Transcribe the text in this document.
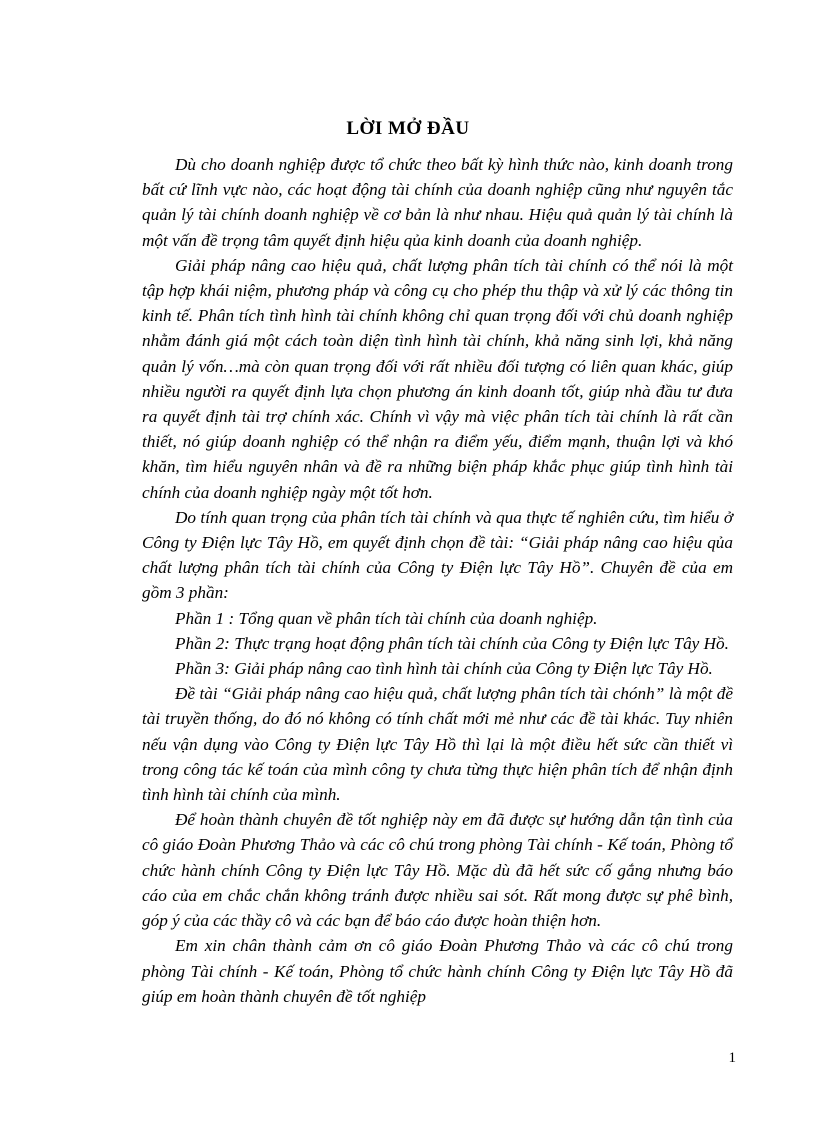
LỜI MỞ ĐẦU

Dù cho doanh nghiệp được tổ chức theo bất kỳ hình thức nào, kinh doanh trong bất cứ lĩnh vực nào, các hoạt động tài chính của doanh nghiệp cũng như nguyên tắc quản lý tài chính doanh nghiệp về cơ bản là như nhau. Hiệu quả quản lý tài chính là một vấn đề trọng tâm quyết định hiệu qủa kinh doanh của doanh nghiệp.

Giải pháp nâng cao hiệu quả, chất lượng phân tích tài chính có thể nói là một tập hợp khái niệm, phương pháp và công cụ cho phép thu thập và xử lý các thông tin kinh tế. Phân tích tình hình tài chính không chỉ quan trọng đối với chủ doanh nghiệp nhằm đánh giá một cách toàn diện tình hình tài chính, khả năng sinh lợi, khả năng quản lý vốn…mà còn quan trọng đối với rất nhiều đối tượng có liên quan khác, giúp nhiều người ra quyết định lựa chọn phương án kinh doanh tốt, giúp nhà đầu tư đưa ra quyết định tài trợ chính xác. Chính vì vậy mà việc phân tích tài chính là rất cần thiết, nó giúp doanh nghiệp có thể nhận ra điểm yếu, điểm mạnh, thuận lợi và khó khăn, tìm hiểu nguyên nhân và đề ra những biện pháp khắc phục giúp tình hình tài chính của doanh nghiệp ngày một tốt hơn.

Do tính quan trọng của phân tích tài chính và qua thực tế nghiên cứu, tìm hiểu ở Công ty Điện lực Tây Hồ, em quyết định chọn đề tài: “Giải pháp nâng cao hiệu qủa chất lượng phân tích tài chính của Công ty Điện lực Tây Hồ”. Chuyên đề của em gồm 3 phần:

Phần 1 : Tổng quan về phân tích tài chính của doanh nghiệp.

Phần 2: Thực trạng hoạt động phân tích tài chính của Công ty Điện lực Tây Hồ.

Phần 3: Giải pháp nâng cao tình hình tài chính của Công ty Điện lực Tây Hồ.

Đề tài “Giải pháp nâng cao hiệu quả, chất lượng phân tích tài chónh” là một đề tài truyền thống, do đó nó không có tính chất mới mẻ như các đề tài khác. Tuy nhiên nếu vận dụng vào Công ty Điện lực Tây Hồ thì lại là một điều hết sức cần thiết vì trong công tác kế toán của mình công ty chưa từng thực hiện phân tích để nhận định tình hình tài chính của mình.

Để hoàn thành chuyên đề tốt nghiệp này em đã được sự hướng dẫn tận tình của cô giáo Đoàn Phương Thảo và các cô chú trong phòng Tài chính - Kế toán, Phòng tổ chức hành chính Công ty Điện lực Tây Hồ. Mặc dù đã hết sức cố gắng nhưng báo cáo của em chắc chắn không tránh được nhiều sai sót. Rất mong được sự phê bình, góp ý của các thầy cô và các bạn để báo cáo được hoàn thiện hơn.

Em xin chân thành cảm ơn cô giáo Đoàn Phương Thảo và các cô chú trong phòng Tài chính - Kế toán, Phòng tổ chức hành chính Công ty Điện lực Tây Hồ đã giúp em hoàn thành chuyên đề tốt nghiệp

1
